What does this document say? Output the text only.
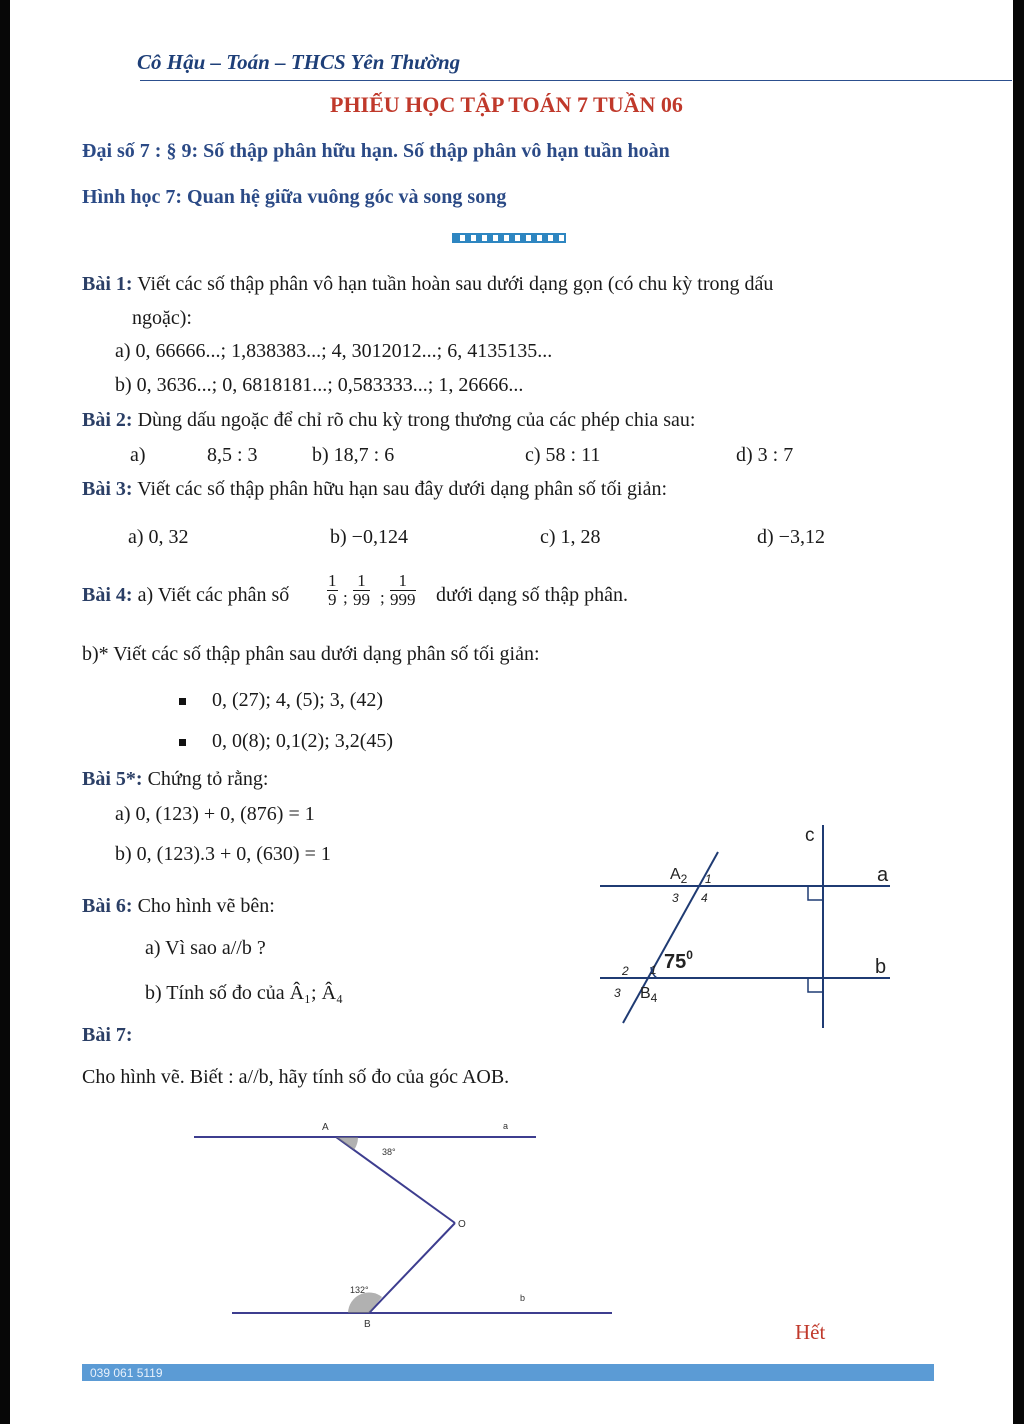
Cô Hậu – Toán – THCS Yên Thường
PHIẾU HỌC TẬP TOÁN 7 TUẦN 06
Đại số 7 : § 9: Số thập phân hữu hạn. Số thập phân vô hạn tuần hoàn
Hình học 7: Quan hệ giữa vuông góc và song song
Bài 1: Viết các số thập phân vô hạn tuần hoàn sau dưới dạng gọn (có chu kỳ trong dấu
ngoặc):
a) 0, 66666...; 1,838383...; 4, 3012012...; 6, 4135135...
b) 0, 3636...; 0, 6818181...; 0,583333...; 1, 26666...
Bài 2: Dùng dấu ngoặc để chỉ rõ chu kỳ trong thương của các phép chia sau:
a)	8,5 : 3	b) 18,7 : 6	c) 58 : 11	d) 3 : 7
Bài 3: Viết các số thập phân hữu hạn sau đây dưới dạng phân số tối giản:
a) 0, 32	b) −0,124	c) 1, 28	d) −3,12
Bài 4: a) Viết các phân số $\frac{1}{9}$ ; $\frac{1}{99}$ ; $\frac{1}{999}$ dưới dạng số thập phân.
b)* Viết các số thập phân sau dưới dạng phân số tối giản:
0, (27); 4, (5); 3, (42)
0, 0(8); 0,1(2); 3,2(45)
Bài 5*: Chứng tỏ rằng:
a) 0, (123) + 0, (876) = 1
b) 0, (123).3 + 0, (630) = 1
Bài 6: Cho hình vẽ bên:
a) Vì sao a//b ?
b) Tính số đo của Â₁; Â₄
c
a
b
$A_2$ 1
3 4
$75^0$
2 1
3 $B_4$
Bài 7:
Cho hình vẽ. Biết : a//b, hãy tính số đo của góc AOB.
A	a
38°
O
132°
b
B	Hết
039 061 5119
